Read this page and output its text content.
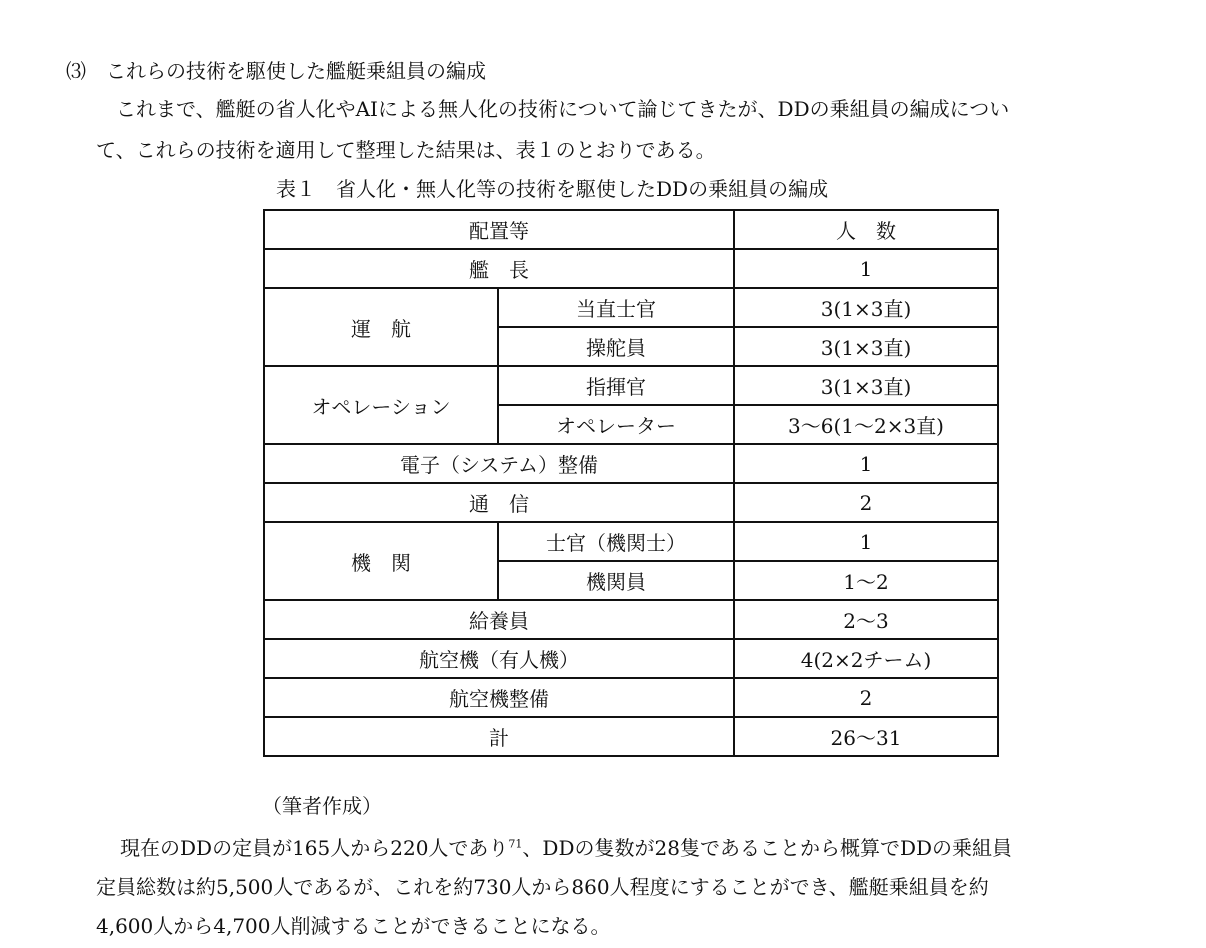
⑶　これらの技術を駆使した艦艇乗組員の編成
これまで、艦艇の省人化やAIによる無人化の技術について論じてきたが、DDの乗組員の編成につい
て、これらの技術を適用して整理した結果は、表１のとおりである。
表１　省人化・無人化等の技術を駆使したDDの乗組員の編成
配置等		人　数
艦　長		1
運　航	当直士官	3(1×3直)
	操舵員	3(1×3直)
オペレーション	指揮官	3(1×3直)
	オペレーター	3～6(1～2×3直)
電子（システム）整備		1
通　信		2
機　関	士官（機関士）	1
	機関員	1～2
給養員		2～3
航空機（有人機）		4(2×2チーム)
航空機整備		2
計		26～31
（筆者作成）
現在のDDの定員が165人から220人であり$^{71}$、DDの隻数が28隻であることから概算でDDの乗組員
定員総数は約5,500人であるが、これを約730人から860人程度にすることができ、艦艇乗組員を約
4,600人から4,700人削減することができることになる。
